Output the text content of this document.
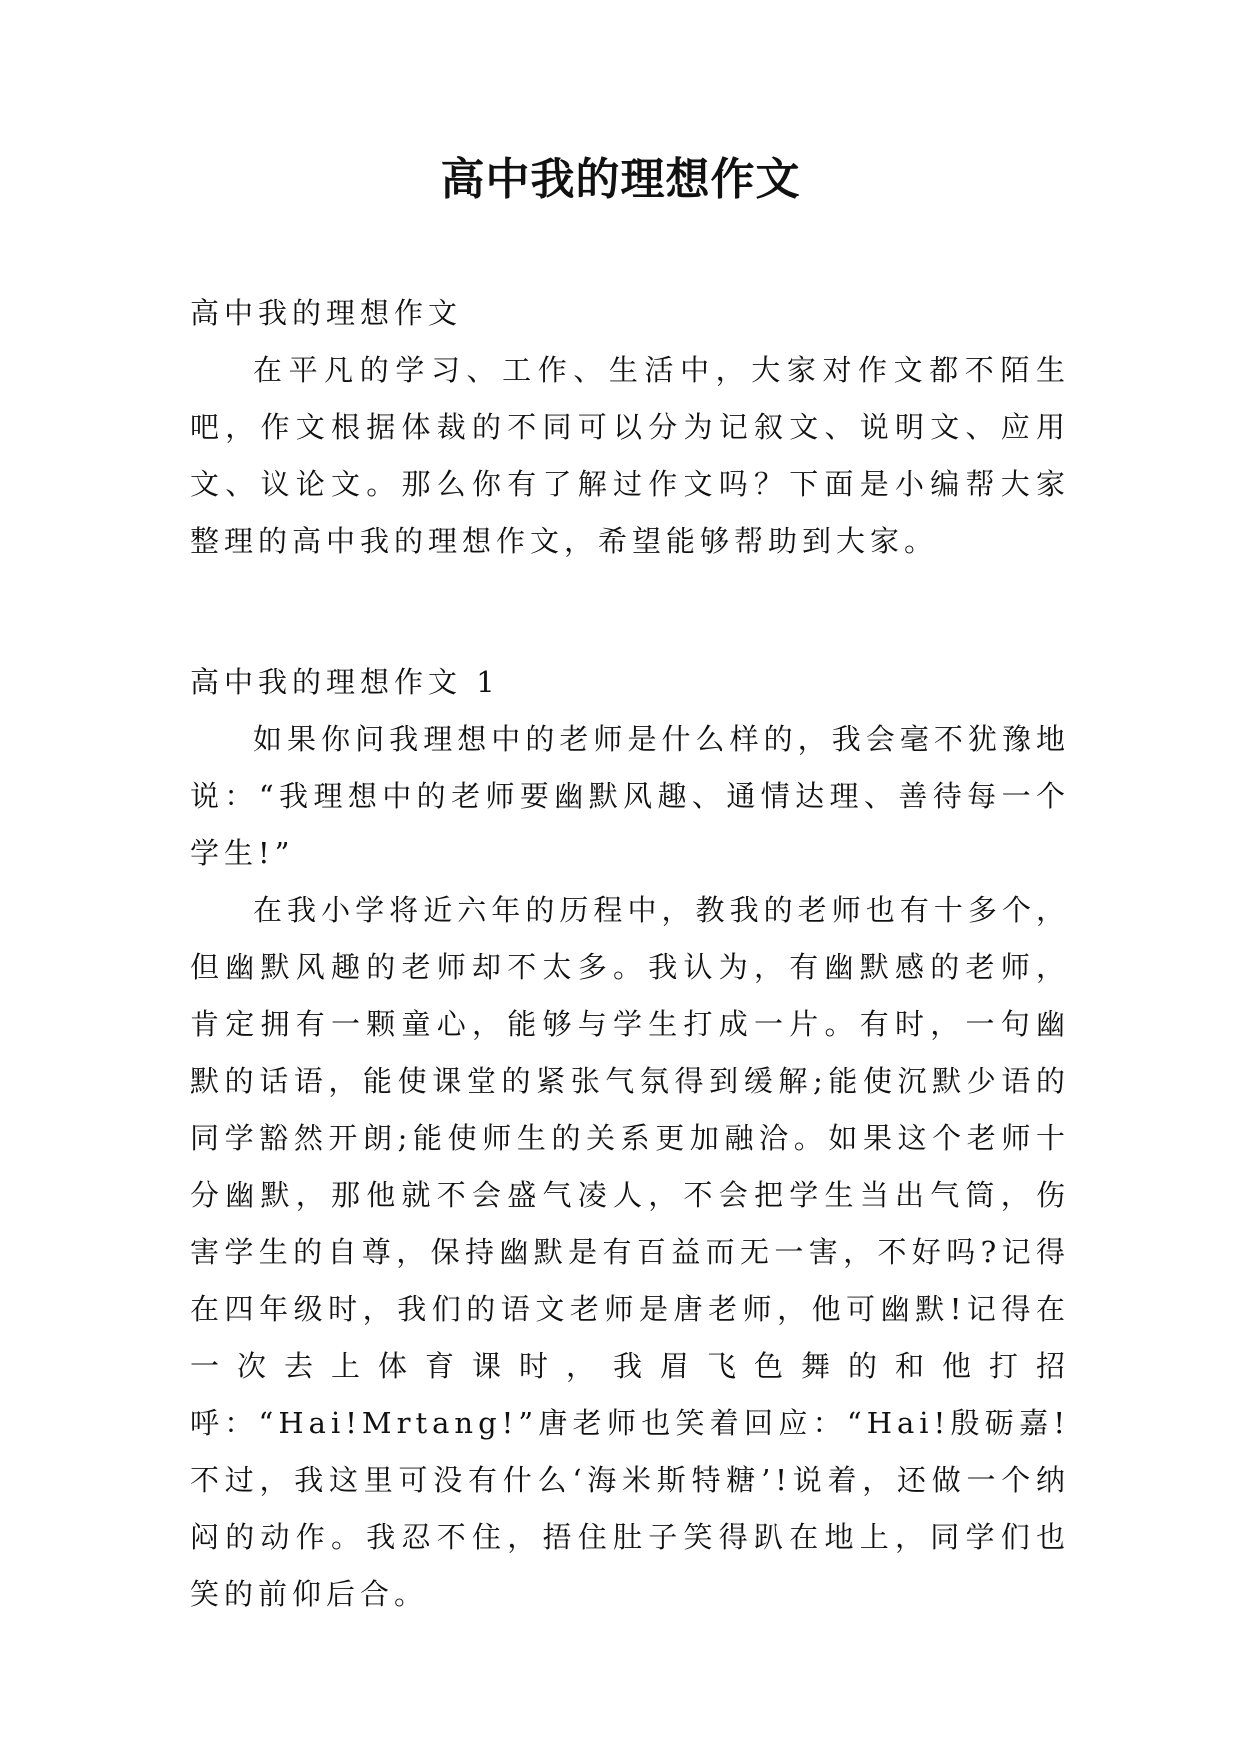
高中我的理想作文

高中我的理想作文

在平凡的学习、工作、生活中，大家对作文都不陌生吧，作文根据体裁的不同可以分为记叙文、说明文、应用文、议论文。那么你有了解过作文吗？下面是小编帮大家整理的高中我的理想作文，希望能够帮助到大家。

高中我的理想作文 1

如果你问我理想中的老师是什么样的，我会毫不犹豫地说：“我理想中的老师要幽默风趣、通情达理、善待每一个学生!”

在我小学将近六年的历程中，教我的老师也有十多个，但幽默风趣的老师却不太多。我认为，有幽默感的老师，肯定拥有一颗童心，能够与学生打成一片。有时，一句幽默的话语，能使课堂的紧张气氛得到缓解;能使沉默少语的同学豁然开朗;能使师生的关系更加融洽。如果这个老师十分幽默，那他就不会盛气凌人，不会把学生当出气筒，伤害学生的自尊，保持幽默是有百益而无一害，不好吗?记得在四年级时，我们的语文老师是唐老师，他可幽默!记得在一次去上体育课时，我眉飞色舞的和他打招呼：“Hai!Mrtang!”唐老师也笑着回应：“Hai!殷砺嘉!不过，我这里可没有什么‘海米斯特糖’!说着，还做一个纳闷的动作。我忍不住，捂住肚子笑得趴在地上，同学们也笑的前仰后合。
